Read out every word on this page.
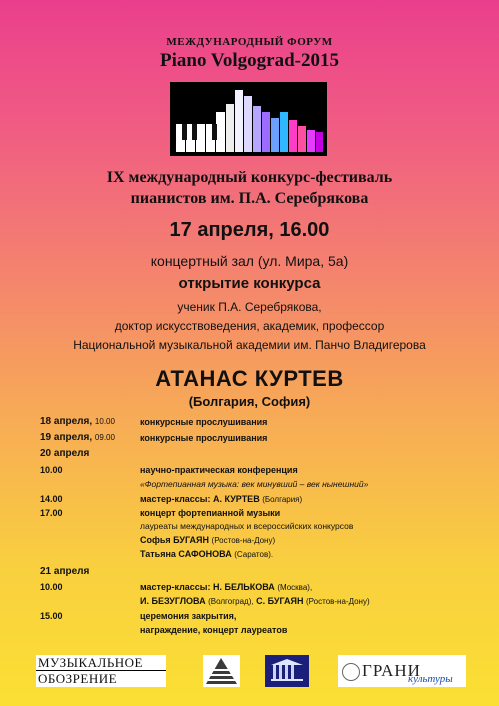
МЕЖДУНАРОДНЫЙ ФОРУМ
Piano Volgograd-2015
IX международный конкурс-фестиваль
пианистов им. П.А. Серебрякова
17 апреля, 16.00
концертный зал (ул. Мира, 5а)
открытие конкурса
ученик П.А. Серебрякова,
доктор искусствоведения, академик, профессор
Национальной музыкальной академии им. Панчо Владигерова
АТАНАС КУРТЕВ
(Болгария, София)
18 апреля, 10.00	конкурсные прослушивания
19 апреля, 09.00	конкурсные прослушивания
20 апреля
10.00	научно-практическая конференция
«Фортепианная музыка: век минувший – век нынешний»
14.00	мастер-классы: А. КУРТЕВ (Болгария)
17.00	концерт фортепианной музыки
лауреаты международных и всероссийских конкурсов
Софья БУГАЯН (Ростов-на-Дону)
Татьяна САФОНОВА (Саратов).
21 апреля
10.00	мастер-классы: Н. БЕЛЬКОВА (Москва),
И. БЕЗУГЛОВА (Волгоград), С. БУГАЯН (Ростов-на-Дону)
15.00	церемония закрытия,
награждение, концерт лауреатов
МУЗЫКАЛЬНОЕ
ОБОЗРЕНИЕ	ГРАНИ
культуры
